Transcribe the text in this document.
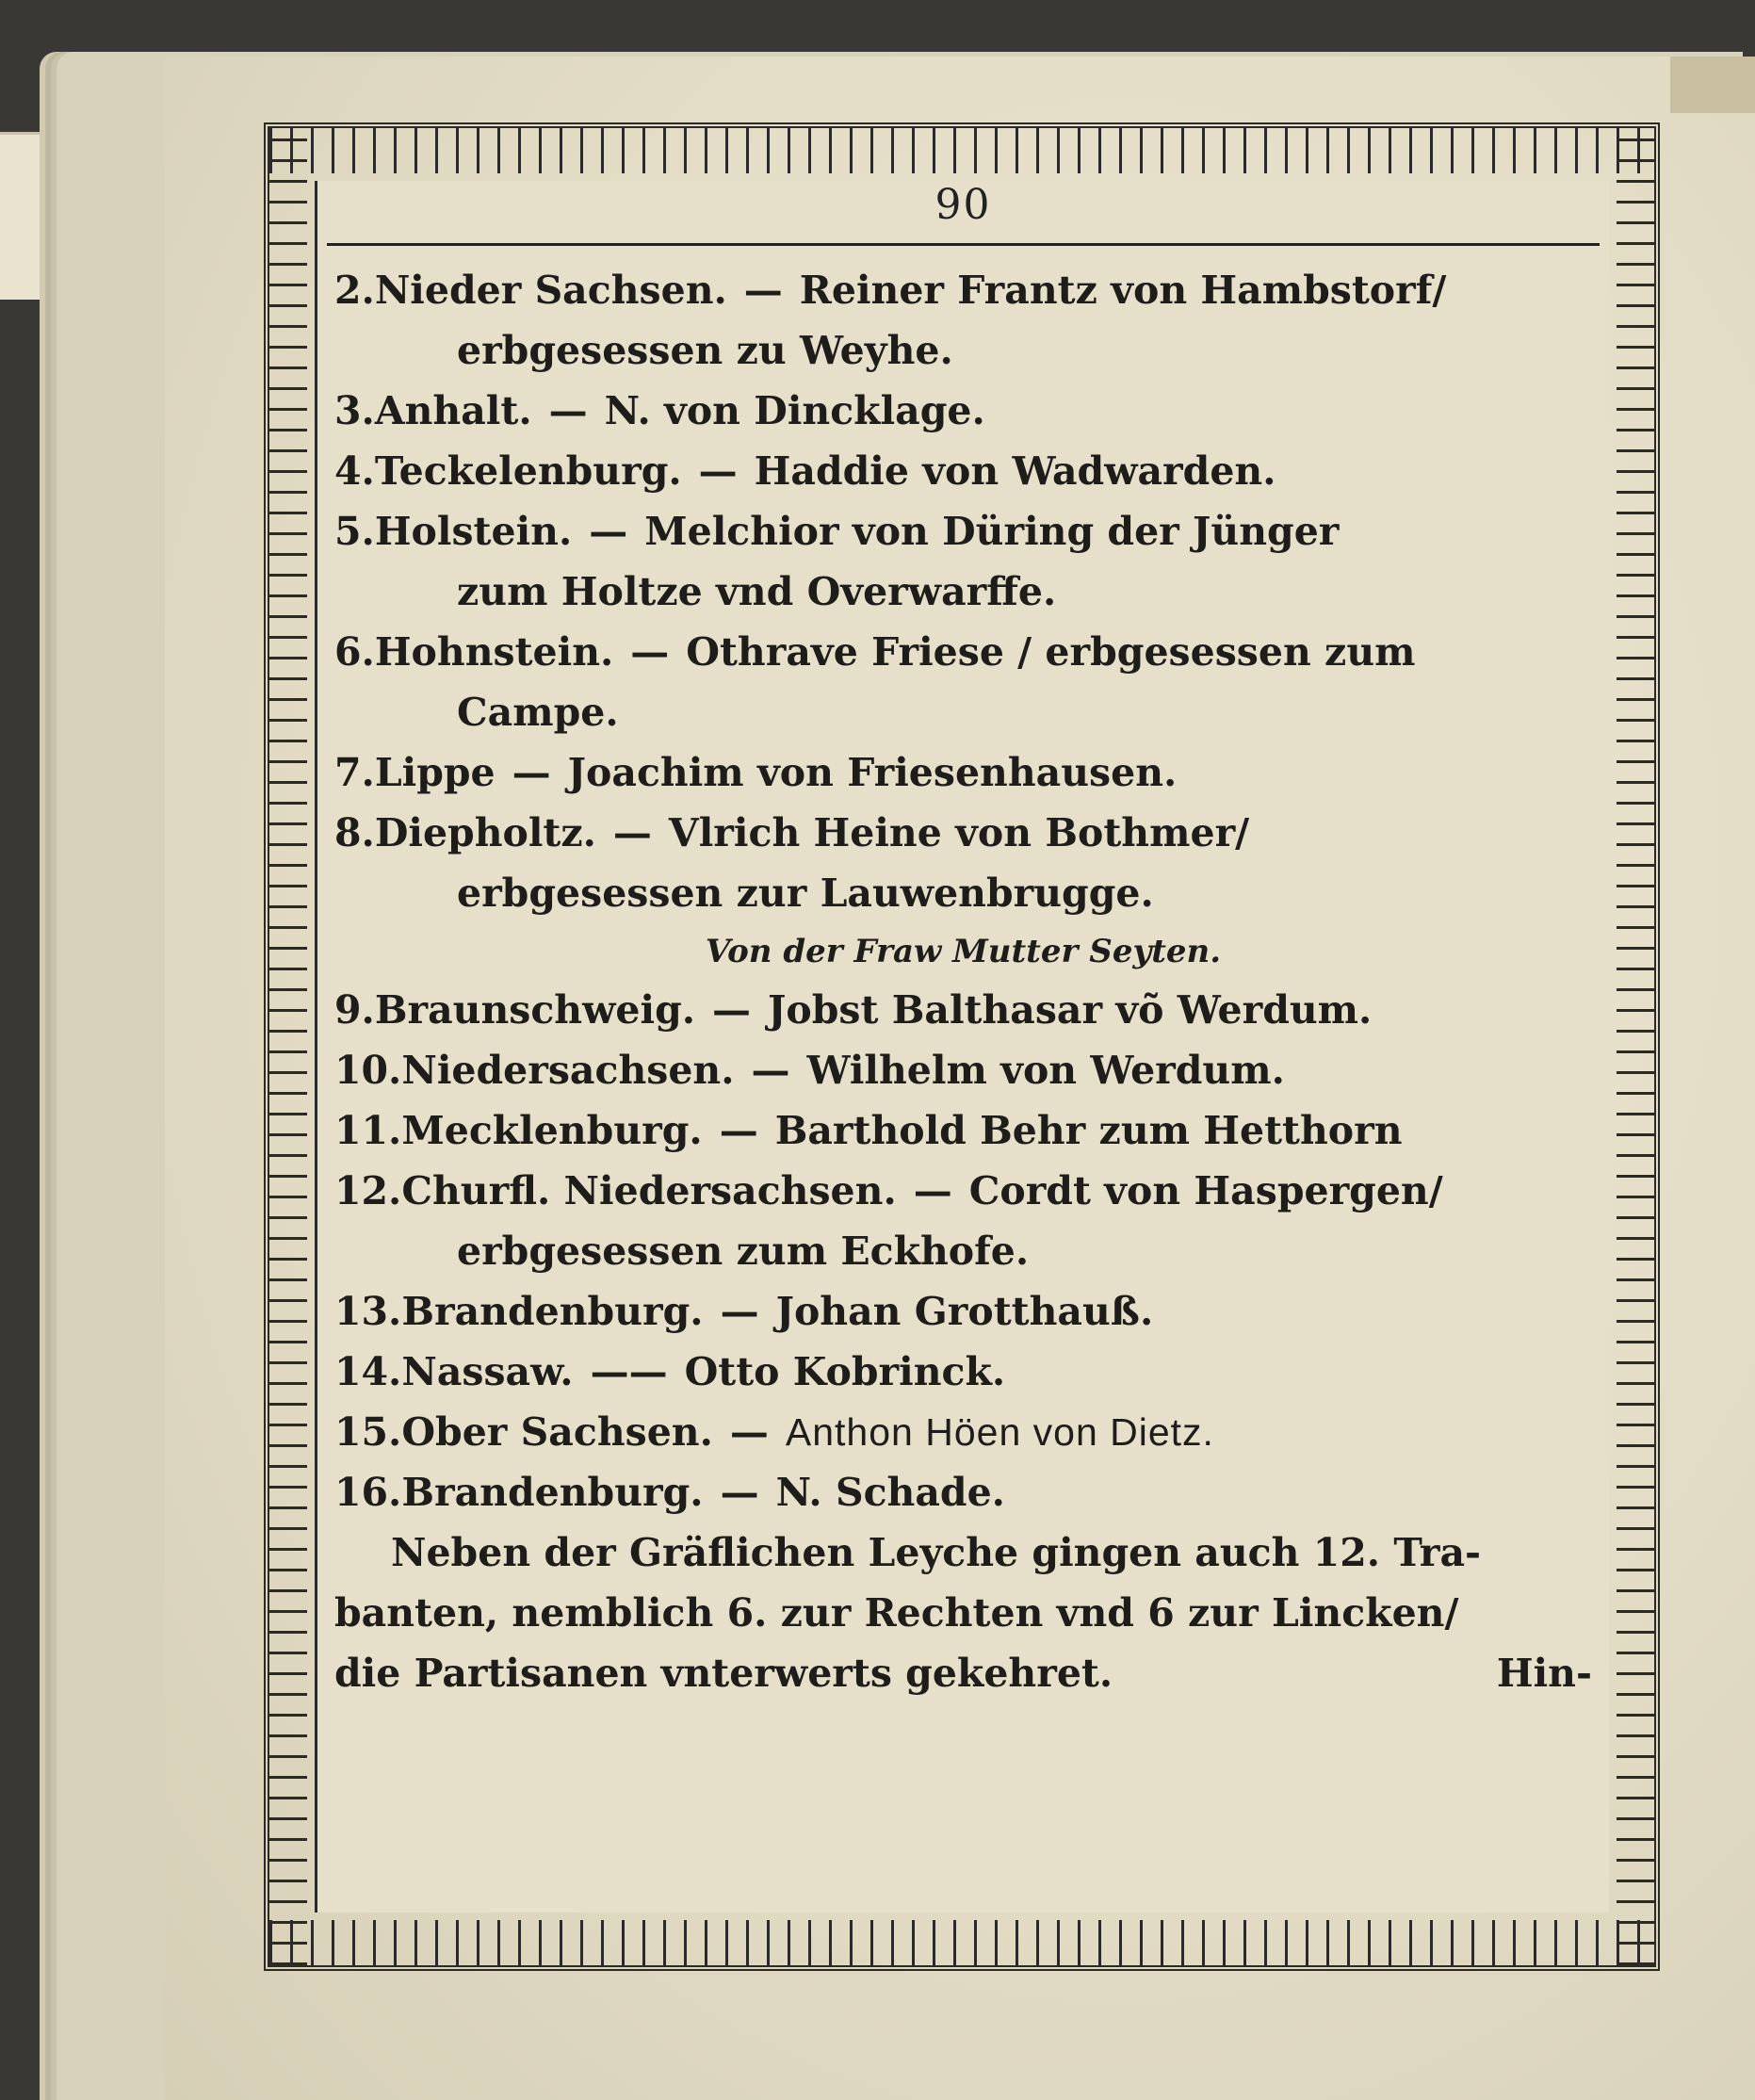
90
2.Nieder Sachsen. — Reiner Frantz von Hambstorf/
erbgesessen zu Weyhe.
3.Anhalt. — N. von Dincklage.
4.Teckelenburg. — Haddie von Wadwarden.
5.Holstein. — Melchior von Düring der Jünger
zum Holtze vnd Overwarffe.
6.Hohnstein. — Othrave Friese / erbgesessen zum
Campe.
7.Lippe — Joachim von Friesenhausen.
8.Diepholtz. — Vlrich Heine von Bothmer/
erbgesessen zur Lauwenbrugge.
Von der Fraw Mutter Seyten.
9.Braunschweig. — Jobst Balthasar võ Werdum.
10.Niedersachsen. — Wilhelm von Werdum.
11.Mecklenburg. — Barthold Behr zum Hetthorn
12.Churfl. Niedersachsen. — Cordt von Haspergen/
erbgesessen zum Eckhofe.
13.Brandenburg. — Johan Grotthauß.
14.Nassaw. —— Otto Kobrinck.
15.Ober Sachsen. — Anthon Höen von Dietz.
16.Brandenburg. — N. Schade.
Neben der Gräflichen Leyche gingen auch 12. Tra-
banten, nemblich 6. zur Rechten vnd 6 zur Lincken/
die Partisanen vnterwerts gekehret.	Hin-
